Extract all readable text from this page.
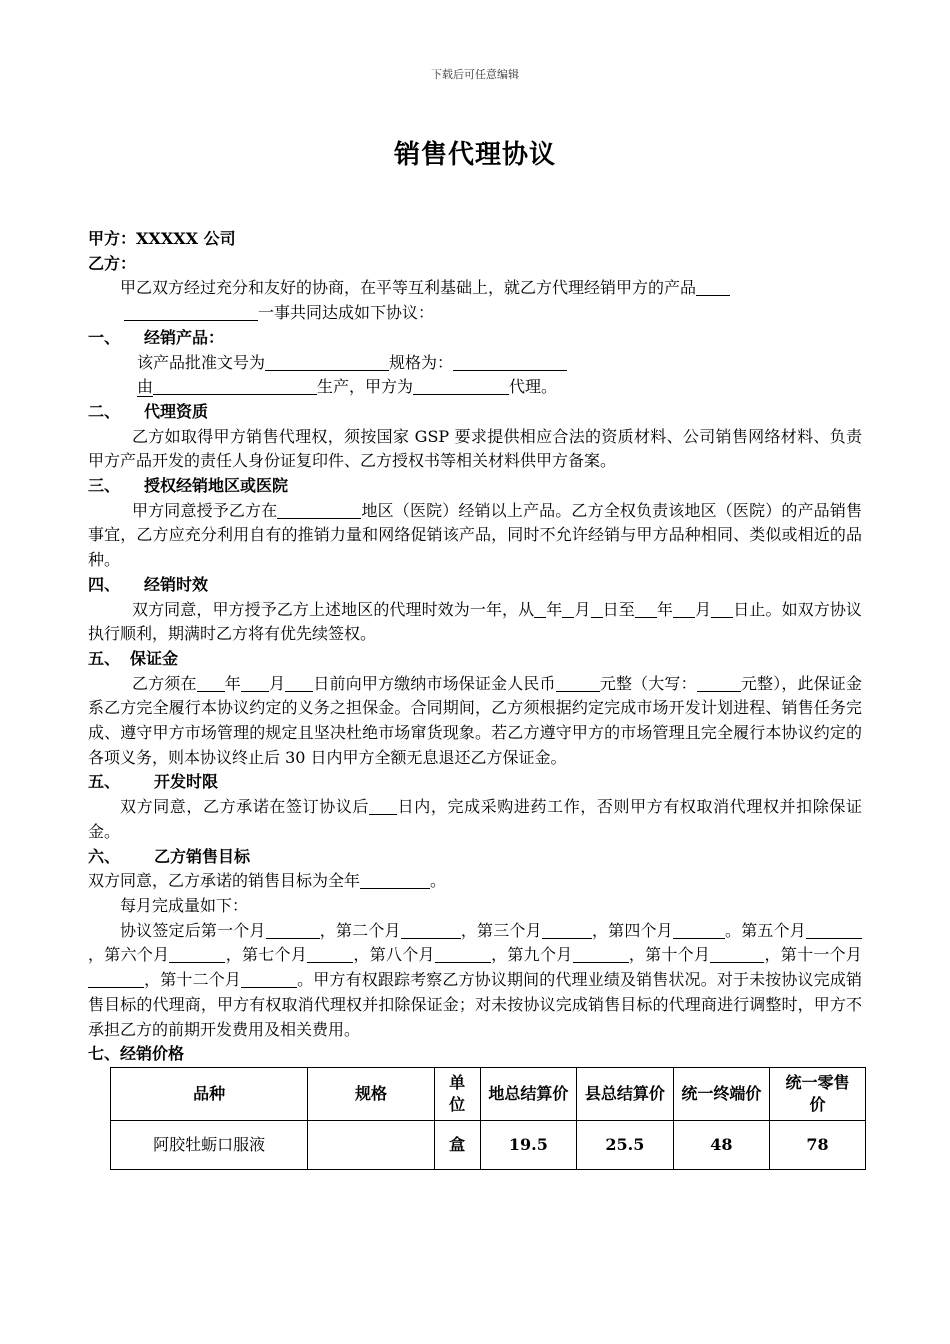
下载后可任意编辑
销售代理协议

甲方：XXXXX 公司

乙方：

甲乙双方经过充分和友好的协商，在平等互利基础上，就乙方代理经销甲方的产品
一事共同达成如下协议：

一、 经销产品：

该产品批准文号为	规格为：

由	生产，甲方为	代理。

二、 代理资质

乙方如取得甲方销售代理权，须按国家 GSP 要求提供相应合法的资质材料、公司销售网络材料、负责甲方产品开发的责任人身份证复印件、乙方授权书等相关材料供甲方备案。

三、 授权经销地区或医院

甲方同意授予乙方在	地区（医院）经销以上产品。乙方全权负责该地区（医院）的产品销售事宜，乙方应充分利用自有的推销力量和网络促销该产品，同时不允许经销与甲方品种相同、类似或相近的品种。

四、 经销时效

双方同意，甲方授予乙方上述地区的代理时效为一年，从 年 月 日至 年 月 日止。如双方协议执行顺利，期满时乙方将有优先续签权。

五、 保证金

乙方须在 年 月 日前向甲方缴纳市场保证金人民币	元整（大写：	元整），此保证金系乙方完全履行本协议约定的义务之担保金。合同期间，乙方须根据约定完成市场开发计划进程、销售任务完成、遵守甲方市场管理的规定且坚决杜绝市场窜货现象。若乙方遵守甲方的市场管理且完全履行本协议约定的各项义务，则本协议终止后 30 日内甲方全额无息退还乙方保证金。

五、 开发时限

双方同意，乙方承诺在签订协议后 日内，完成采购进药工作，否则甲方有权取消代理权并扣除保证金。

六、 乙方销售目标

双方同意，乙方承诺的销售目标为全年	。

每月完成量如下：

协议签定后第一个月	，第二个月	，第三个月	，第四个月	。第五个月，第六个月	，第七个月	，第八个月	，第九个月	，第十个月	，第十一个月，第十二个月	。甲方有权跟踪考察乙方协议期间的代理业绩及销售状况。对于未按协议完成销售目标的代理商，甲方有权取消代理权并扣除保证金；对未按协议完成销售目标的代理商进行调整时，甲方不承担乙方的前期开发费用及相关费用。

七、经销价格

品种	规格	单位	地总结算价	县总结算价	统一终端价	统一零售价

阿胶牡蛎口服液		盒	19.5	25.5	48	78
